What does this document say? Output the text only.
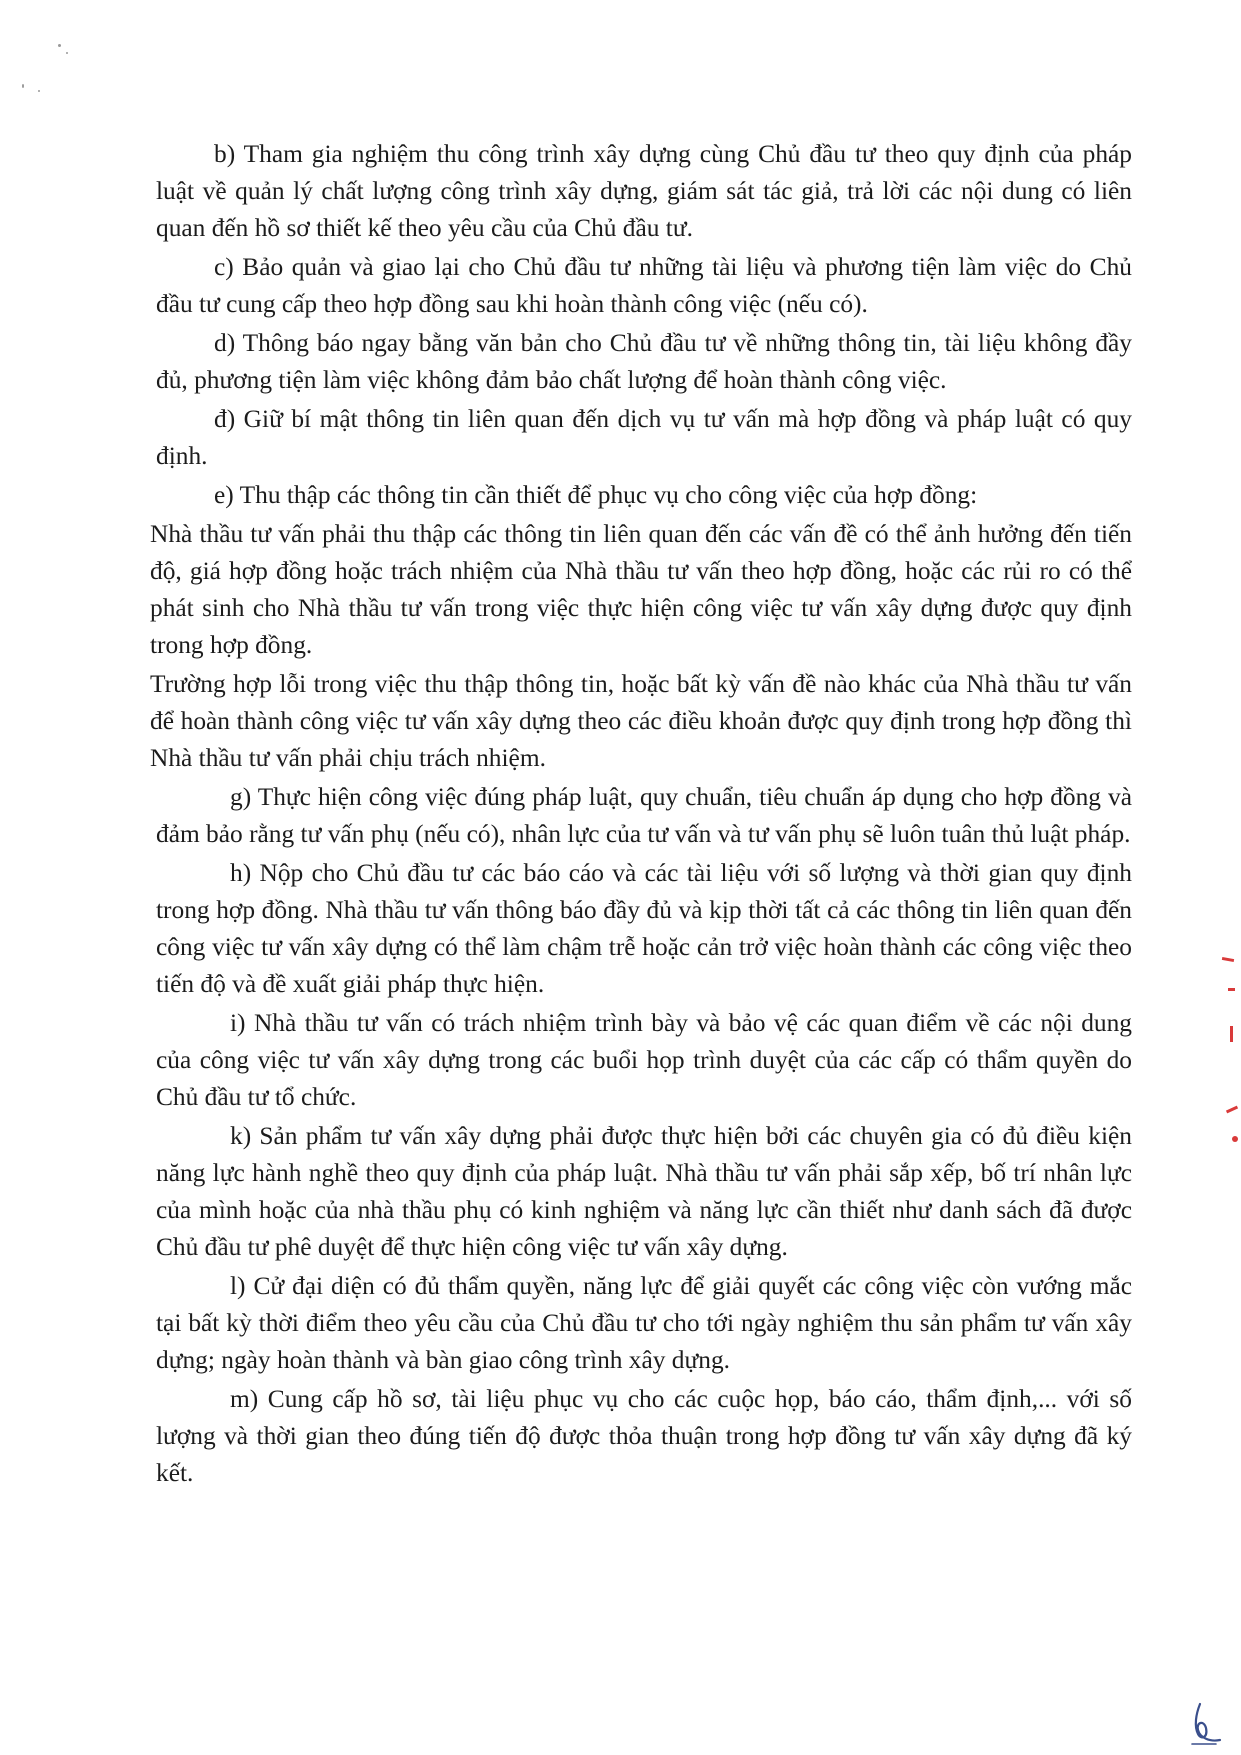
b) Tham gia nghiệm thu công trình xây dựng cùng Chủ đầu tư theo quy định của pháp luật về quản lý chất lượng công trình xây dựng, giám sát tác giả, trả lời các nội dung có liên quan đến hồ sơ thiết kế theo yêu cầu của Chủ đầu tư.

c) Bảo quản và giao lại cho Chủ đầu tư những tài liệu và phương tiện làm việc do Chủ đầu tư cung cấp theo hợp đồng sau khi hoàn thành công việc (nếu có).

d) Thông báo ngay bằng văn bản cho Chủ đầu tư về những thông tin, tài liệu không đầy đủ, phương tiện làm việc không đảm bảo chất lượng để hoàn thành công việc.

đ) Giữ bí mật thông tin liên quan đến dịch vụ tư vấn mà hợp đồng và pháp luật có quy định.

e) Thu thập các thông tin cần thiết để phục vụ cho công việc của hợp đồng:

Nhà thầu tư vấn phải thu thập các thông tin liên quan đến các vấn đề có thể ảnh hưởng đến tiến độ, giá hợp đồng hoặc trách nhiệm của Nhà thầu tư vấn theo hợp đồng, hoặc các rủi ro có thể phát sinh cho Nhà thầu tư vấn trong việc thực hiện công việc tư vấn xây dựng được quy định trong hợp đồng.

Trường hợp lỗi trong việc thu thập thông tin, hoặc bất kỳ vấn đề nào khác của Nhà thầu tư vấn để hoàn thành công việc tư vấn xây dựng theo các điều khoản được quy định trong hợp đồng thì Nhà thầu tư vấn phải chịu trách nhiệm.

g) Thực hiện công việc đúng pháp luật, quy chuẩn, tiêu chuẩn áp dụng cho hợp đồng và đảm bảo rằng tư vấn phụ (nếu có), nhân lực của tư vấn và tư vấn phụ sẽ luôn tuân thủ luật pháp.

h) Nộp cho Chủ đầu tư các báo cáo và các tài liệu với số lượng và thời gian quy định trong hợp đồng. Nhà thầu tư vấn thông báo đầy đủ và kịp thời tất cả các thông tin liên quan đến công việc tư vấn xây dựng có thể làm chậm trễ hoặc cản trở việc hoàn thành các công việc theo tiến độ và đề xuất giải pháp thực hiện.

i) Nhà thầu tư vấn có trách nhiệm trình bày và bảo vệ các quan điểm về các nội dung của công việc tư vấn xây dựng trong các buổi họp trình duyệt của các cấp có thẩm quyền do Chủ đầu tư tổ chức.

k) Sản phẩm tư vấn xây dựng phải được thực hiện bởi các chuyên gia có đủ điều kiện năng lực hành nghề theo quy định của pháp luật. Nhà thầu tư vấn phải sắp xếp, bố trí nhân lực của mình hoặc của nhà thầu phụ có kinh nghiệm và năng lực cần thiết như danh sách đã được Chủ đầu tư phê duyệt để thực hiện công việc tư vấn xây dựng.

l) Cử đại diện có đủ thẩm quyền, năng lực để giải quyết các công việc còn vướng mắc tại bất kỳ thời điểm theo yêu cầu của Chủ đầu tư cho tới ngày nghiệm thu sản phẩm tư vấn xây dựng; ngày hoàn thành và bàn giao công trình xây dựng.

m) Cung cấp hồ sơ, tài liệu phục vụ cho các cuộc họp, báo cáo, thẩm định,... với số lượng và thời gian theo đúng tiến độ được thỏa thuận trong hợp đồng tư vấn xây dựng đã ký kết.
